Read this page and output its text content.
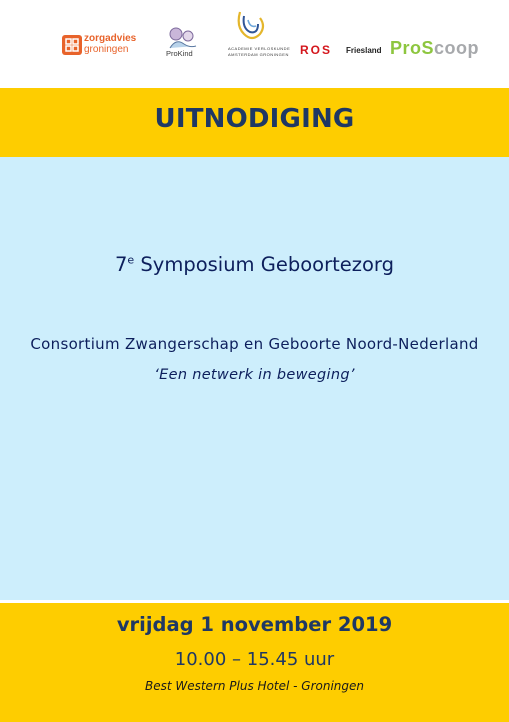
zorgadvies
groningen	ProKind
ACADEMIE VERLOSKUNDE
AMSTERDAM GRONINGEN ROS Friesland ProScoop
UITNODIGING
7e Symposium Geboortezorg
Consortium Zwangerschap en Geboorte Noord-Nederland
‘Een netwerk in beweging’
vrijdag 1 november 2019
10.00 – 15.45 uur
Best Western Plus Hotel - Groningen
